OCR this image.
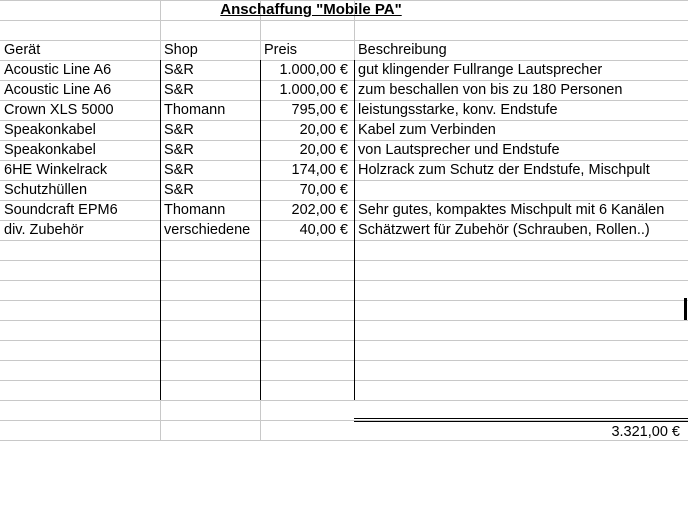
Anschaffung "Mobile PA"
Gerät	Shop	Preis	Beschreibung
Acoustic Line A6	S&R	1.000,00 € gut klingender Fullrange Lautsprecher
Acoustic Line A6	S&R	1.000,00 € zum beschallen von bis zu 180 Personen
Crown XLS 5000	Thomann	795,00 € leistungsstarke, konv. Endstufe
Speakonkabel	S&R	20,00 € Kabel zum Verbinden
Speakonkabel	S&R	20,00 € von Lautsprecher und Endstufe
6HE Winkelrack	S&R	174,00 € Holzrack zum Schutz der Endstufe, Mischpult
Schutzhüllen	S&R	70,00 €
Soundcraft EPM6	Thomann	202,00 € Sehr gutes, kompaktes Mischpult mit 6 Kanälen
div. Zubehör	verschiedene	40,00 € Schätzwert für Zubehör (Schrauben, Rollen..)
3.321,00 €
